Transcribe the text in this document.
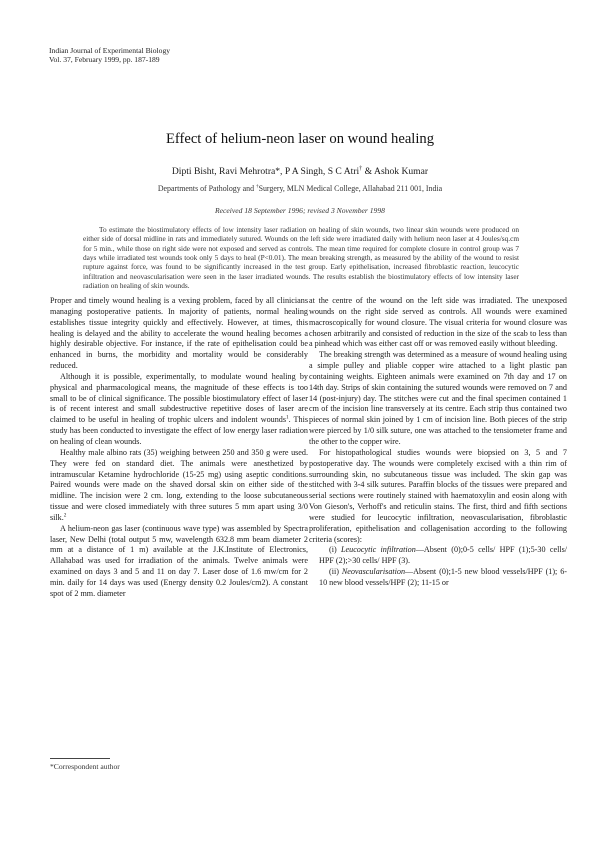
Indian Journal of Experimental Biology
Vol. 37, February 1999, pp. 187-189
Effect of helium-neon laser on wound healing
Dipti Bisht, Ravi Mehrotra*, P A Singh, S C Atri† & Ashok Kumar
Departments of Pathology and †Surgery, MLN Medical College, Allahabad 211 001, India
Received 18 September 1996; revised 3 November 1998
To estimate the biostimulatory effects of low intensity laser radiation on healing of skin wounds, two linear skin wounds were produced on either side of dorsal midline in rats and immediately sutured. Wounds on the left side were irradiated daily with helium neon laser at 4 Joules/sq.cm for 5 min., while those on right side were not exposed and served as controls. The mean time required for complete closure in control group was 7 days while irradiated test wounds took only 5 days to heal (P<0.01). The mean breaking strength, as measured by the ability of the wound to resist rupture against force, was found to be significantly increased in the test group. Early epithelisation, increased fibroblastic reaction, leucocytic infiltration and neovascularisation were seen in the laser irradiated wounds. The results establish the biostimulatory effects of low intensity laser radiation on healing of skin wounds.

Proper and timely wound healing is a vexing problem, faced by all clinicians managing postoperative patients. In majority of patients, normal healing establishes tissue integrity quickly and effectively. However, at times, this healing is delayed and the ability to accelerate the wound healing becomes a highly desirable objective. For instance, if the rate of epithelisation could be enhanced in burns, the morbidity and mortality would be considerably reduced.

Although it is possible, experimentally, to modulate wound healing by physical and pharmacological means, the magnitude of these effects is too small to be of clinical significance. The possible biostimulatory effect of laser is of recent interest and small subdestructive repetitive doses of laser are claimed to be useful in healing of trophic ulcers and indolent wounds$^1$. This study has been conducted to investigate the effect of low energy laser radiation on healing of clean wounds.

Healthy male albino rats (35) weighing between 250 and 350 g were used. They were fed on standard diet. The animals were anesthetized by intramuscular Ketamine hydrochloride (15-25 mg) using aseptic conditions. Paired wounds were made on the shaved dorsal skin on either side of the midline. The incision were 2 cm. long, extending to the loose subcutaneous tissue and were closed immediately with three sutures 5 mm apart using 3/0 silk.$^2$

A helium-neon gas laser (continuous wave type) was assembled by Spectra laser, New Delhi (total output 5 mw, wavelength 632.8 mm beam diameter 2 mm at a distance of 1 m) available at the J.K.Institute of Electronics, Allahabad was used for irradiation of the animals. Twelve animals were examined on days 3 and 5 and 11 on day 7. Laser dose of 1.6 mw/cm for 2 min. daily for 14 days was used (Energy density 0.2 Joules/cm2). A constant spot of 2 mm. diameter

*Correspondent author

at the centre of the wound on the left side was irradiated. The unexposed wounds on the right side served as controls. All wounds were examined macroscopically for wound closure. The visual criteria for wound closure was chosen arbitrarily and consisted of reduction in the size of the scab to less than a pinhead which was either cast off or was removed easily without bleeding.

The breaking strength was determined as a measure of wound healing using a simple pulley and pliable copper wire attached to a light plastic pan containing weights. Eighteen animals were examined on 7th day and 17 on 14th day. Strips of skin containing the sutured wounds were removed on 7 and 14 (post-injury) day. The stitches were cut and the final specimen contained 1 cm of the incision line transversely at its centre. Each strip thus contained two pieces of normal skin joined by 1 cm of incision line. Both pieces of the strip were pierced by 1/0 silk suture, one was attached to the tensiometer frame and the other to the copper wire.

For histopathological studies wounds were biopsied on 3, 5 and 7 postoperative day. The wounds were completely excised with a thin rim of surrounding skin, no subcutaneous tissue was included. The skin gap was stitched with 3-4 silk sutures. Paraffin blocks of the tissues were prepared and serial sections were routinely stained with haematoxylin and eosin along with Von Gieson's, Verhoff's and reticulin stains. The first, third and fifth sections were studied for leucocytic infiltration, neovascularisation, fibroblastic proliferation, epithelisation and collagenisation according to the following criteria (scores):

(i) Leucocytic infiltration—Absent (0);0-5 cells/ HPF (1);5-30 cells/ HPF (2);>30 cells/ HPF (3).

(ii) Neovascularisation—Absent (0);1-5 new blood vessels/HPF (1); 6-10 new blood vessels/HPF (2); 11-15 or
